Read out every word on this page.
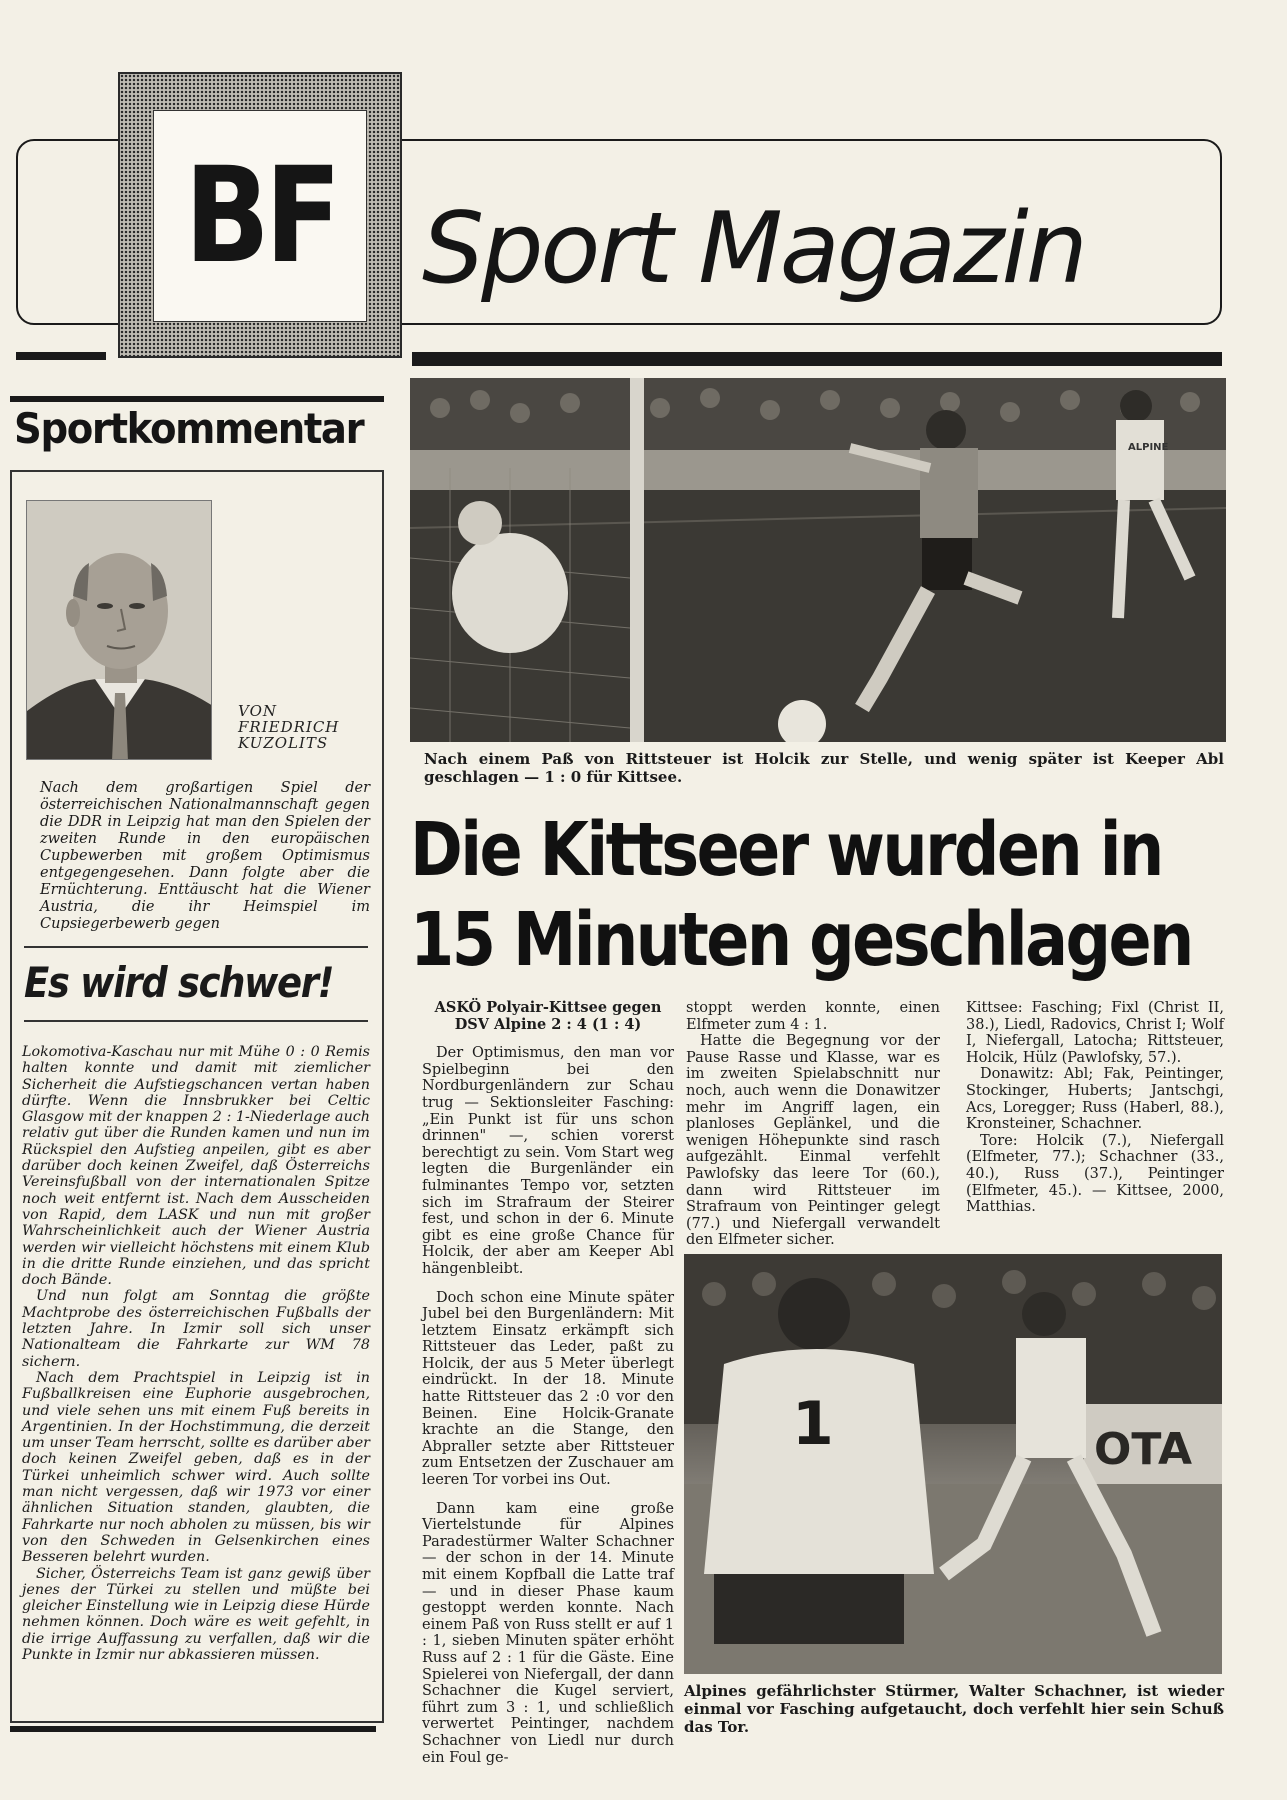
BF Sport Magazin
Sportkommentar
VON
FRIEDRICH
KUZOLITS

Nach dem großartigen Spiel der österreichischen Nationalmannschaft gegen die DDR in Leipzig hat man den Spielen der zweiten Runde in den europäischen Cupbewerben mit großem Optimismus entgegengesehen. Dann folgte aber die Ernüchterung. Enttäuscht hat die Wiener Austria, die ihr Heimspiel im Cupsiegerbewerb gegen

Es wird schwer!

Lokomotiva-Kaschau nur mit Mühe 0 : 0 Remis halten konnte und damit mit ziemlicher Sicherheit die Aufstiegschancen vertan haben dürfte. Wenn die Innsbrukker bei Celtic Glasgow mit der knappen 2 : 1-Niederlage auch relativ gut über die Runden kamen und nun im Rückspiel den Aufstieg anpeilen, gibt es aber darüber doch keinen Zweifel, daß Österreichs Vereinsfußball von der internationalen Spitze noch weit entfernt ist. Nach dem Ausscheiden von Rapid, dem LASK und nun mit großer Wahrscheinlichkeit auch der Wiener Austria werden wir vielleicht höchstens mit einem Klub in die dritte Runde einziehen, und das spricht doch Bände.

Und nun folgt am Sonntag die größte Machtprobe des österreichischen Fußballs der letzten Jahre. In Izmir soll sich unser Nationalteam die Fahrkarte zur WM 78 sichern.

Nach dem Prachtspiel in Leipzig ist in Fußballkreisen eine Euphorie ausgebrochen, und viele sehen uns mit einem Fuß bereits in Argentinien. In der Hochstimmung, die derzeit um unser Team herrscht, sollte es darüber aber doch keinen Zweifel geben, daß es in der Türkei unheimlich schwer wird. Auch sollte man nicht vergessen, daß wir 1973 vor einer ähnlichen Situation standen, glaubten, die Fahrkarte nur noch abholen zu müssen, bis wir von den Schweden in Gelsenkirchen eines Besseren belehrt wurden.

Sicher, Österreichs Team ist ganz gewiß über jenes der Türkei zu stellen und müßte bei gleicher Einstellung wie in Leipzig diese Hürde nehmen können. Doch wäre es weit gefehlt, in die irrige Auffassung zu verfallen, daß wir die Punkte in Izmir nur abkassieren müssen.

ALPINE
Nach einem Paß von Rittsteuer ist Holcik zur Stelle, und wenig später ist Keeper Abl geschlagen — 1 : 0 für Kittsee.
Die Kittseer wurden in
15 Minuten geschlagen

ASKÖ Polyair-Kittsee gegen

DSV Alpine 2 : 4 (1 : 4)

Der Optimismus, den man vor Spielbeginn bei den Nordburgenländern zur Schau trug — Sektionsleiter Fasching: „Ein Punkt ist für uns schon drinnen" —, schien vorerst berechtigt zu sein. Vom Start weg legten die Burgenländer ein fulminantes Tempo vor, setzten sich im Strafraum der Steirer fest, und schon in der 6. Minute gibt es eine große Chance für Holcik, der aber am Keeper Abl hängenbleibt.

Doch schon eine Minute später Jubel bei den Burgenländern: Mit letztem Einsatz erkämpft sich Rittsteuer das Leder, paßt zu Holcik, der aus 5 Meter überlegt eindrückt. In der 18. Minute hatte Rittsteuer das 2 :0 vor den Beinen. Eine Holcik-Granate krachte an die Stange, den Abpraller setzte aber Rittsteuer zum Entsetzen der Zuschauer am leeren Tor vorbei ins Out.

Dann kam eine große Viertelstunde für Alpines Paradestürmer Walter Schachner — der schon in der 14. Minute mit einem Kopfball die Latte traf — und in dieser Phase kaum gestoppt werden konnte. Nach einem Paß von Russ stellt er auf 1 : 1, sieben Minuten später erhöht Russ auf 2 : 1 für die Gäste. Eine Spielerei von Niefergall, der dann Schachner die Kugel serviert, führt zum 3 : 1, und schließlich verwertet Peintinger, nachdem Schachner von Liedl nur durch ein Foul ge-

stoppt werden konnte, einen Elfmeter zum 4 : 1.

Hatte die Begegnung vor der Pause Rasse und Klasse, war es im zweiten Spielabschnitt nur noch, auch wenn die Donawitzer mehr im Angriff lagen, ein planloses Geplänkel, und die wenigen Höhepunkte sind rasch aufgezählt. Einmal verfehlt Pawlofsky das leere Tor (60.), dann wird Rittsteuer im Strafraum von Peintinger gelegt (77.) und Niefergall verwandelt den Elfmeter sicher.

Kittsee: Fasching; Fixl (Christ II, 38.), Liedl, Radovics, Christ I; Wolf I, Niefergall, Latocha; Rittsteuer, Holcik, Hülz (Pawlofsky, 57.).

Donawitz: Abl; Fak, Peintinger, Stockinger, Huberts; Jantschgi, Acs, Loregger; Russ (Haberl, 88.), Kronsteiner, Schachner.

Tore: Holcik (7.), Niefergall (Elfmeter, 77.); Schachner (33., 40.), Russ (37.), Peintinger (Elfmeter, 45.). — Kittsee, 2000, Matthias.

OTA
1
Alpines gefährlichster Stürmer, Walter Schachner, ist wieder einmal vor Fasching aufgetaucht, doch verfehlt hier sein Schuß das Tor.
